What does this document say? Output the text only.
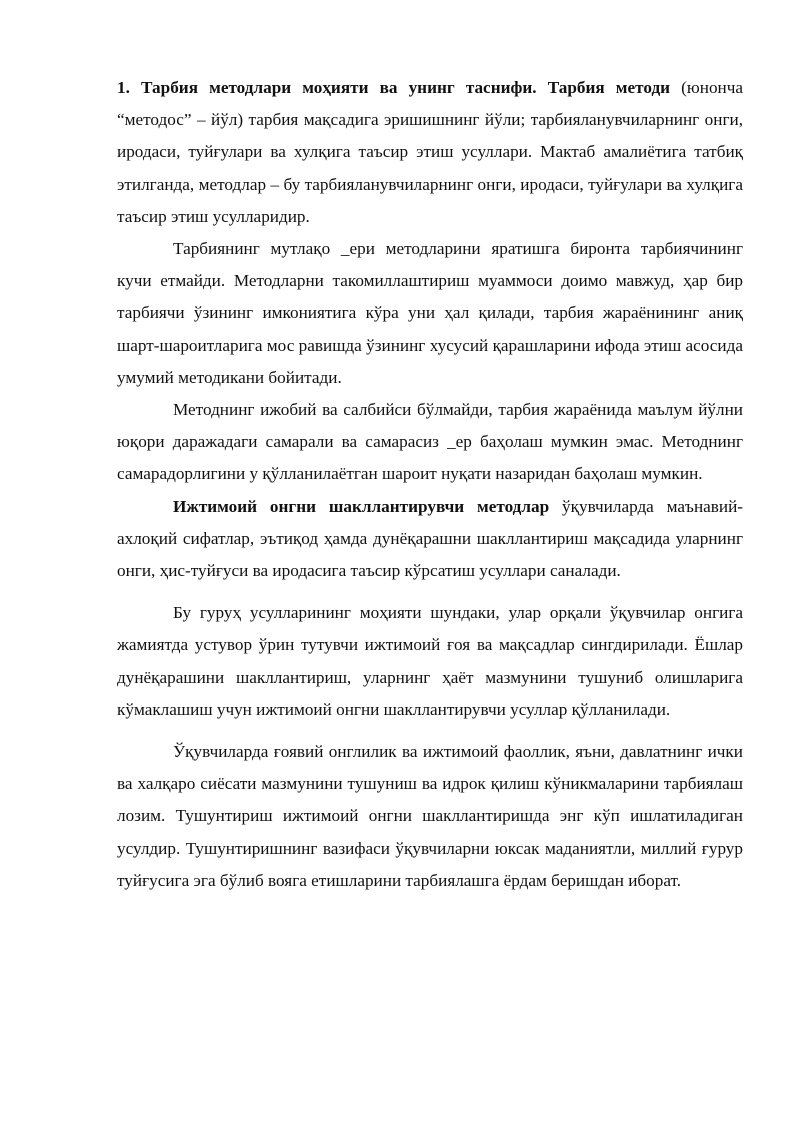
1. Тарбия методлари моҳияти ва унинг таснифи. Тарбия методи (юнонча “методос” – йўл) тарбия мақсадига эришишнинг йўли; тарбияланувчиларнинг онги, иродаси, туйғулари ва хулқига таъсир этиш усуллари. Мактаб амалиётига татбиқ этилганда, методлар – бу тарбияланувчиларнинг онги, иродаси, туйғулари ва хулқига таъсир этиш усулларидир.

Тарбиянинг мутлақо _ери методларини яратишга биронта тарбиячининг кучи етмайди. Методларни такомиллаштириш муаммоси доимо мавжуд, ҳар бир тарбиячи ўзининг имкониятига кўра уни ҳал қилади, тарбия жараёнининг аниқ шарт-шароитларига мос равишда ўзининг хусусий қарашларини ифода этиш асосида умумий методикани бойитади.

Методнинг ижобий ва салбийси бўлмайди, тарбия жараёнида маълум йўлни юқори даражадаги самарали ва самарасиз _ер баҳолаш мумкин эмас. Методнинг самарадорлигини у қўлланилаётган шароит нуқати назаридан баҳолаш мумкин.

Ижтимоий онгни шакллантирувчи методлар ўқувчиларда маънавий-ахлоқий сифатлар, эътиқод ҳамда дунёқарашни шакллантириш мақсадида уларнинг онги, ҳис-туйғуси ва иродасига таъсир кўрсатиш усуллари саналади.

Бу гуруҳ усулларининг моҳияти шундаки, улар орқали ўқувчилар онгига жамиятда устувор ўрин тутувчи ижтимоий ғоя ва мақсадлар сингдирилади. Ёшлар дунёқарашини шакллантириш, уларнинг ҳаёт мазмунини тушуниб олишларига кўмаклашиш учун ижтимоий онгни шакллантирувчи усуллар қўлланилади.

Ўқувчиларда ғоявий онглилик ва ижтимоий фаоллик, яъни, давлатнинг ички ва халқаро сиёсати мазмунини тушуниш ва идрок қилиш кўникмаларини тарбиялаш лозим. Тушунтириш ижтимоий онгни шакллантиришда энг кўп ишлатиладиган усулдир. Тушунтиришнинг вазифаси ўқувчиларни юксак маданиятли, миллий ғурур туйғусига эга бўлиб вояга етишларини тарбиялашга ёрдам беришдан иборат.
